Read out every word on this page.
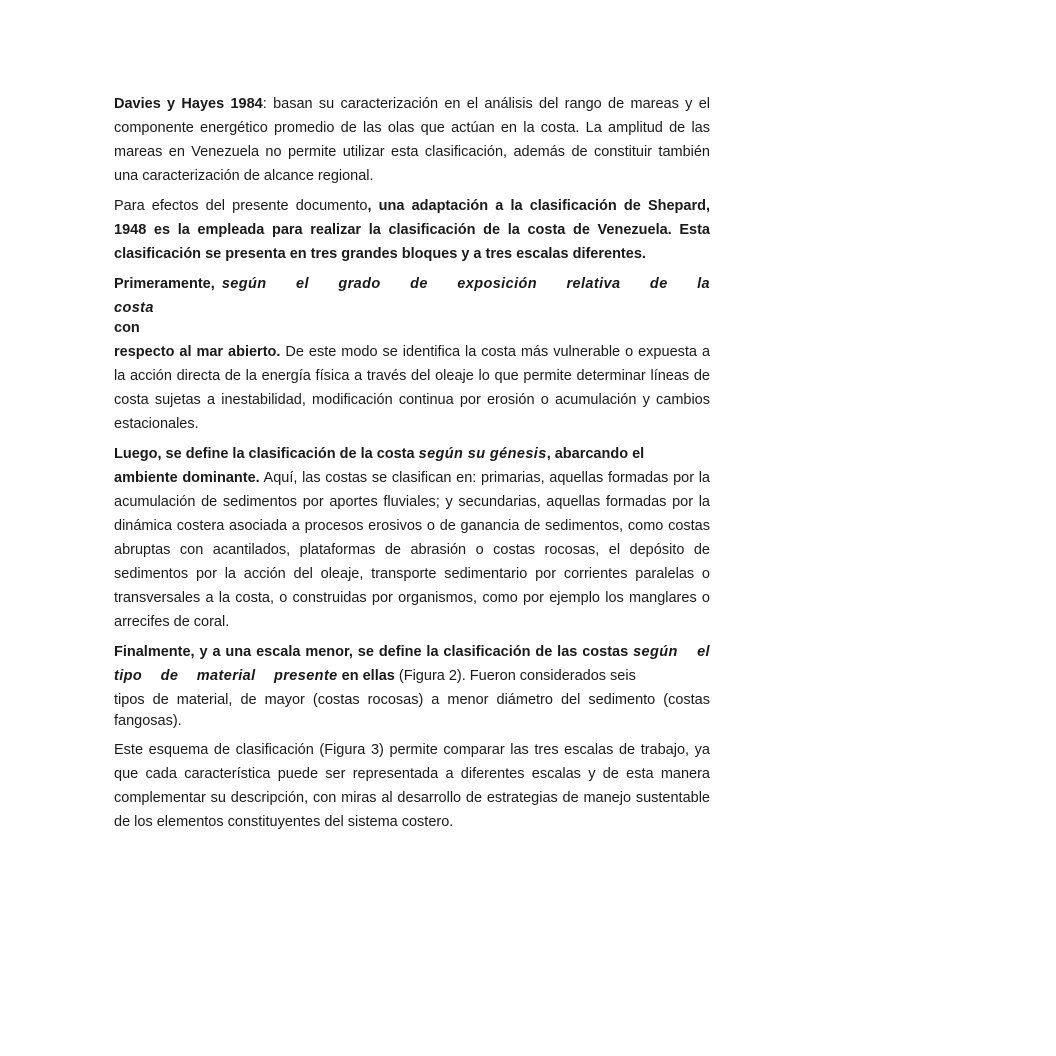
Davies y Hayes 1984: basan su caracterización en el análisis del rango de mareas y el componente energético promedio de las olas que actúan en la costa. La amplitud de las mareas en Venezuela no permite utilizar esta clasificación, además de constituir también una caracterización de alcance regional.

Para efectos del presente documento, una adaptación a la clasificación de Shepard, 1948 es la empleada para realizar la clasificación de la costa de Venezuela. Esta clasificación se presenta en tres grandes bloques y a tres escalas diferentes.

Primeramente, según el grado de exposición relativa de la costa

con

respecto al mar abierto. De este modo se identifica la costa más vulnerable o expuesta a la acción directa de la energía física a través del oleaje lo que permite determinar líneas de costa sujetas a inestabilidad, modificación continua por erosión o acumulación y cambios estacionales.

Luego, se define la clasificación de la costa según su génesis, abarcando el

ambiente dominante. Aquí, las costas se clasifican en: primarias, aquellas formadas por la acumulación de sedimentos por aportes fluviales; y secundarias, aquellas formadas por la dinámica costera asociada a procesos erosivos o de ganancia de sedimentos, como costas abruptas con acantilados, plataformas de abrasión o costas rocosas, el depósito de sedimentos por la acción del oleaje, transporte sedimentario por corrientes paralelas o transversales a la costa, o construidas por organismos, como por ejemplo los manglares o arrecifes de coral.

Finalmente, y a una escala menor, se define la clasificación de las costas según el tipo de material presente en ellas (Figura 2). Fueron considerados seis

tipos de material, de mayor (costas rocosas) a menor diámetro del sedimento (costas fangosas).

Este esquema de clasificación (Figura 3) permite comparar las tres escalas de trabajo, ya que cada característica puede ser representada a diferentes escalas y de esta manera complementar su descripción, con miras al desarrollo de estrategias de manejo sustentable de los elementos constituyentes del sistema costero.
